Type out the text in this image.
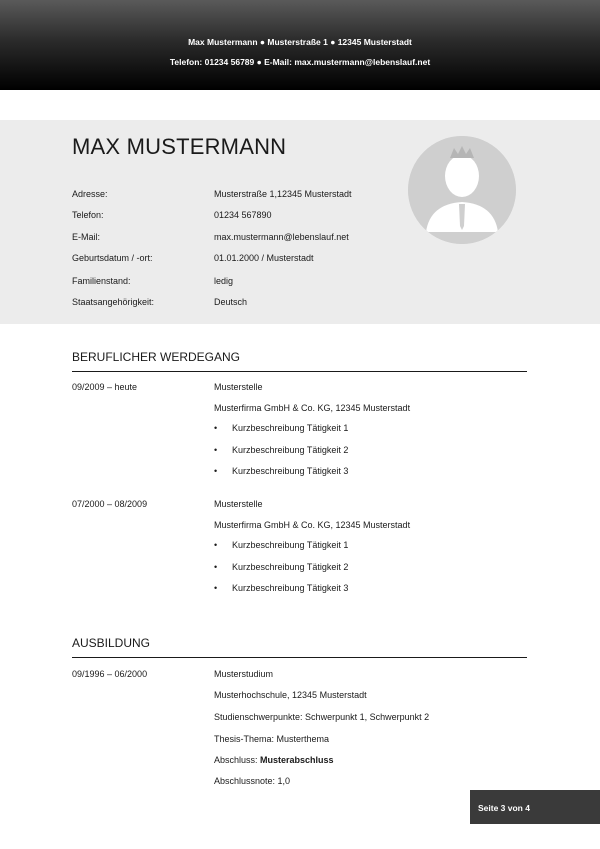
Max Mustermann ● Musterstraße 1 ● 12345 Musterstadt
Telefon: 01234 56789 ● E-Mail: max.mustermann@lebenslauf.net
MAX MUSTERMANN
Adresse:	Musterstraße 1,12345 Musterstadt
Telefon:	01234 567890
E-Mail:	max.mustermann@lebenslauf.net
Geburtsdatum / -ort:	01.01.2000 / Musterstadt
Familienstand:	ledig
Staatsangehörigkeit:	Deutsch
BERUFLICHER WERDEGANG
09/2009 – heute	Musterstelle
Musterfirma GmbH & Co. KG, 12345 Musterstadt
• Kurzbeschreibung Tätigkeit 1
• Kurzbeschreibung Tätigkeit 2
• Kurzbeschreibung Tätigkeit 3
07/2000 – 08/2009	Musterstelle
Musterfirma GmbH & Co. KG, 12345 Musterstadt
• Kurzbeschreibung Tätigkeit 1
• Kurzbeschreibung Tätigkeit 2
• Kurzbeschreibung Tätigkeit 3
AUSBILDUNG
09/1996 – 06/2000	Musterstudium
Musterhochschule, 12345 Musterstadt
Studienschwerpunkte: Schwerpunkt 1, Schwerpunkt 2
Thesis-Thema: Musterthema
Abschluss: Musterabschluss
Abschlussnote: 1,0
Seite 3 von 4
